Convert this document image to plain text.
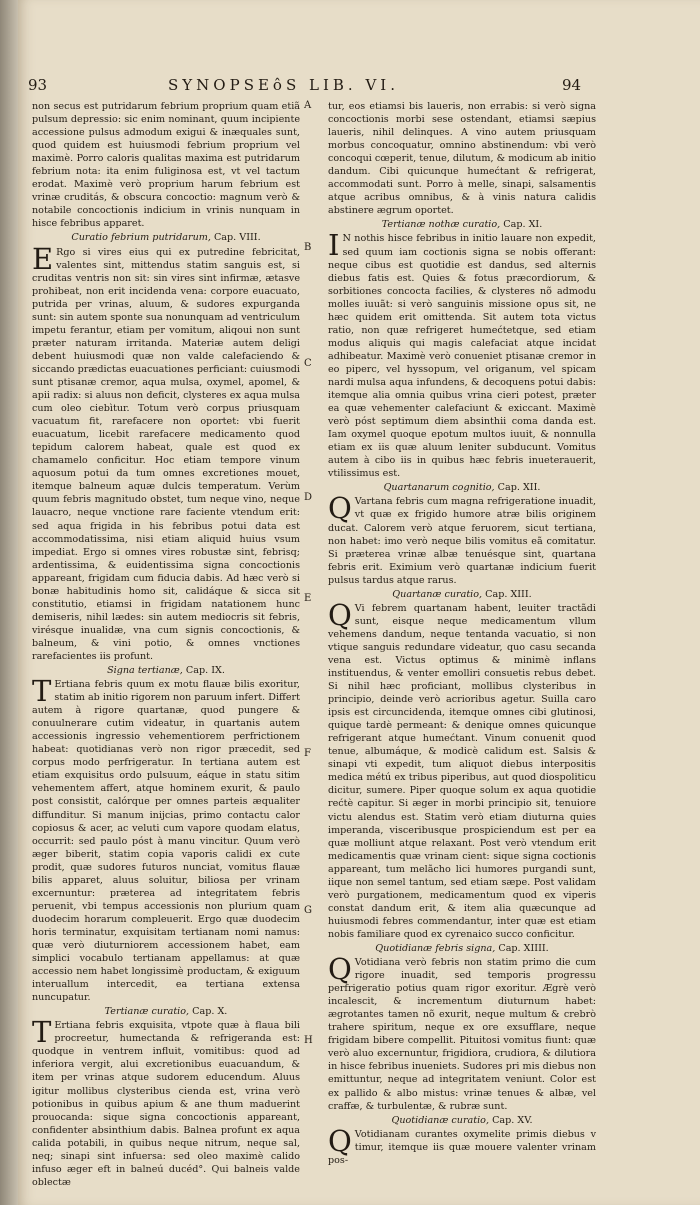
93	SYNOPSEôS LIB. VI.	94

non secus est putridarum febrium proprium quam etiã pulsum depressio: sic enim nominant, quum incipiente accessione pulsus admodum exigui & inæquales sunt, quod quidem est huiusmodi febrium proprium vel maximè. Porro caloris qualitas maxima est putridarum febrium nota: ita enim fuliginosa est, vt vel tactum erodat. Maximè verò proprium harum febrium est vrinæ cruditás, & obscura concoctio: magnum verò & notabile concoctionis indicium in vrinis nunquam in hisce febribus apparet.

Curatio febrium putridarum, Cap. VIII.

E Rgo si vires eius qui ex putredine febricitat, valentes sint, mittendus statim sanguis est, si cruditas ventris non sit: sin vires sint infirmæ, ætasve prohibeat, non erit incidenda vena: corpore euacuato, putrida per vrinas, aluum, & sudores expurganda sunt: sin autem sponte sua nonunquam ad ventriculum impetu ferantur, etiam per vomitum, aliqoui non sunt præter naturam irritanda. Materiæ autem deligi debent huiusmodi quæ non valde calefaciendo & siccando prædictas euacuationes perficiant: cuiusmodi sunt ptisanæ cremor, aqua mulsa, oxymel, apomel, & apii radix: si aluus non deficit, clysteres ex aqua mulsa cum oleo ciebìtur. Totum verò corpus priusquam vacuatum fit, rarefacere non oportet: vbi fuerit euacuatum, licebit rarefacere medicamento quod tepidum calorem habeat, quale est quod ex chamamelo conficitur. Hoc etiam tempore vinum aquosum potui da tum omnes excretiones mouet, itemque balneum aquæ dulcis temperatum. Verùm quum febris magnitudo obstet, tum neque vino, neque lauacro, neque vnctione rare faciente vtendum erit: sed aqua frigida in his febribus potui data est accommodatissima, nisi etiam aliquid huius vsum impediat. Ergo si omnes vires robustæ sint, febrisq; ardentissima, & euidentissima signa concoctionis appareant, frigidam cum fiducia dabis. Ad hæc verò si bonæ habitudinis homo sit, calidáque & sicca sit constitutio, etiamsi in frigidam natationem hunc demiseris, nihil lædes: sin autem mediocris sit febris, virésque inualidæ, vna cum signis concoctionis, & balneum, & vini potio, & omnes vnctiones rarefacientes iis profunt.

Signa tertianæ, Cap. IX.

T Ertiana febris quum ex motu flauæ bilis exoritur, statim ab initio rigorem non paruum infert. Differt autem à rigore quartanæ, quod pungere & conuulnerare cutim videatur, in quartanis autem accessionis ingressio vehementiorem perfrictionem habeat: quotidianas verò non rigor præcedit, sed corpus modo perfrigeratur. In tertiana autem est etiam exquisitus ordo pulsuum, eáque in statu sitim vehementem affert, atque hominem exurit, & paulo post consistit, calórque per omnes parteis æqualiter diffunditur. Si manum inijcias, primo contactu calor copiosus & acer, ac veluti cum vapore quodam elatus, occurrit: sed paulo póst à manu vincitur. Quum verò æger biberit, statim copia vaporis calidi ex cute prodit, quæ sudores futuros nunciat, vomitus flauæ bilis apparet, aluus soluitur, biliosa per vrinam excernuntur: præterea ad integritatem febris peruenit, vbi tempus accessionis non plurium quam duodecim horarum compleuerit. Ergo quæ duodecim horis terminatur, exquisitam tertianam nomi namus: quæ verò diuturniorem accessionem habet, eam simplici vocabulo tertianam appellamus: at quæ accessio nem habet longissimè productam, & exiguum interuallum intercedit, ea tertiana extensa nuncupatur.

Tertianæ curatio, Cap. X.

T Ertiana febris exquisita, vtpote quæ à flaua bili procreetur, humectanda & refrigeranda est: quodque in ventrem influit, vomitibus: quod ad inferiora vergit, alui excretionibus euacuandum, & item per vrinas atque sudorem educendum. Aluus igitur mollibus clysteribus cienda est, vrina verò potionibus in quibus apium & ane thum maduerint prouocanda: sique signa concoctionis appareant, confidenter absinthium dabis. Balnea profunt ex aqua calida potabili, in quibus neque nitrum, neque sal, neq; sinapi sint infuersa: sed oleo maximè calido infuso æger eft in balneú ducéd°. Qui balneis valde oblectæ

A
B
C
D
E
F
G
H

tur, eos etiamsi bis laueris, non errabis: si verò signa concoctionis morbi sese ostendant, etiamsi sæpius laueris, nihil delinques. A vino autem priusquam morbus concoquatur, omnino abstinendum: vbi verò concoqui cœperit, tenue, dilutum, & modicum ab initio dandum. Cibi quicunque humećtant & refrigerat, accommodati sunt. Porro à melle, sinapi, salsamentis atque acribus omnibus, & à vinis natura calidis abstinere ægrum oportet.

Tertianæ nothæ curatio, Cap. XI.

I N nothis hisce febribus in initio lauare non expedit, sed quum iam coctionis signa se nobis offerant: neque cibus est quotidie est dandus, sed alternis diebus fatis est. Quies & fotus præcordiorum, & sorbitiones concocta facilies, & clysteres nõ admodu molles iuuãt: si verò sanguinis missione opus sit, ne hæc quidem erit omittenda. Sit autem tota victus ratio, non quæ refrigeret humećtetque, sed etiam modus aliquis qui magis calefaciat atque incidat adhibeatur. Maximè verò conueniet ptisanæ cremor in eo piperc, vel hyssopum, vel origanum, vel spicam nardi mulsa aqua infundens, & decoquens potui dabis: itemque alia omnia quibus vrina cieri potest, præter ea quæ vehementer calefaciunt & exiccant. Maximè verò póst septimum diem absinthii coma danda est. Iam oxymel quoque epotum multos iuuit, & nonnulla etiam ex iis quæ aluum leniter subducunt. Vomitus autem à cibo iis in quibus hæc febris inueterauerit, vtilissimus est.

Quartanarum cognitio, Cap. XII.

Q Vartana febris cum magna refrigeratione inuadit, vt quæ ex frigido humore atræ bilis originem ducat. Calorem verò atque feruorem, sicut tertiana, non habet: imo verò neque bilis vomitus eã comitatur. Si præterea vrinæ albæ tenuésque sint, quartana febris erit. Eximium verò quartanæ indicium fuerit pulsus tardus atque rarus.

Quartanæ curatio, Cap. XIII.

Q Vi febrem quartanam habent, leuiter tractãdi sunt, eisque neque medicamentum vllum vehemens dandum, neque tentanda vacuatio, si non vtique sanguis redundare videatur, quo casu secanda vena est. Victus optimus & minimè inflans instituendus, & venter emolliri consuetis rebus debet. Si nihil hæc proficiant, mollibus clysteribus in principio, deinde verò acrioribus agetur. Suilla caro ipsis est circuncidenda, itemque omnes cibi glutinosi, quique tardè permeant: & denique omnes quicunque refrigerant atque humećtant. Vinum conuenit quod tenue, albumáque, & modicè calidum est. Salsis & sinapi vti expedit, tum aliquot diebus interpositis medica métú ex tribus piperibus, aut quod diospoliticu dicitur, sumere. Piper quoque solum ex aqua quotidie rećtè capitur. Si æger in morbi principio sit, tenuiore victu alendus est. Statim verò etiam diuturna quies imperanda, visceribusque prospiciendum est per ea quæ molliunt atque relaxant. Post verò vtendum erit medicamentis quæ vrinam cient: sique signa coctionis appareant, tum melãcho lici humores purgandi sunt, iique non semel tantum, sed etiam sæpe. Post validam verò purgationem, medicamentum quod ex viperis constat dandum erit, & item alia quæcunque ad huiusmodi febres commendantur, inter quæ est etiam nobis familiare quod ex cyrenaico succo conficitur.

Quotidianæ febris signa, Cap. XIIII.

Q Votidiana verò febris non statim primo die cum rigore inuadit, sed temporis progressu perfrigeratio potius quam rigor exoritur. Ægrè verò incalescit, & incrementum diuturnum habet: ægrotantes tamen nõ exurit, neque multum & crebrò trahere spiritum, neque ex ore exsufflare, neque frigidam bibere compellit. Pituitosi vomitus fiunt: quæ verò aluo excernuntur, frigidiora, crudiora, & dilutiora in hisce febribus inueniets. Sudores pri mis diebus non emittuntur, neque ad integritatem veniunt. Color est ex pallido & albo mistus: vrinæ tenues & albæ, vel craffæ, & turbulentæ, & rubræ sunt.

Quotidianæ curatio, Cap. XV.

Q Votidianam curantes oxymelite primis diebus v timur, itemque iis quæ mouere valenter vrinam pos-
